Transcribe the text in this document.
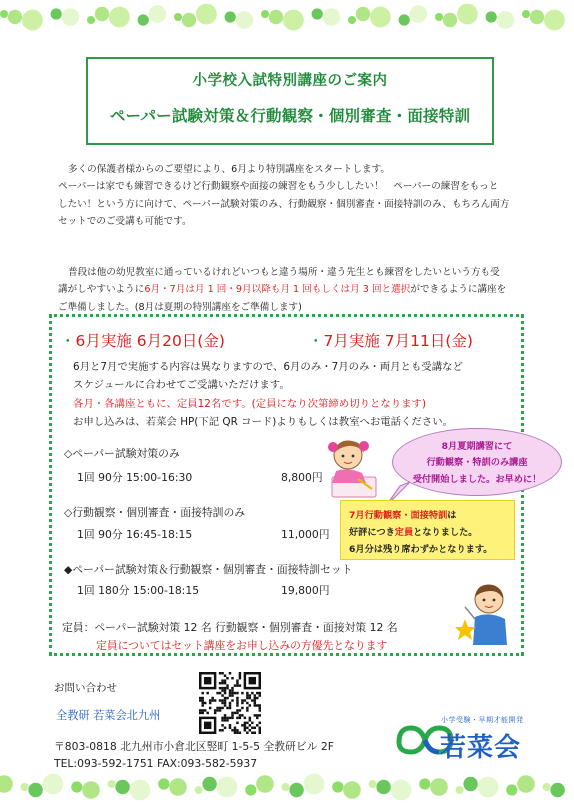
小学校入試特別講座のご案内
ペーパー試験対策＆行動観察・個別審査・面接特訓
多くの保護者様からのご要望により、6月より特別講座をスタートします。
ペーパーは家でも練習できるけど行動観察や面接の練習をもう少ししたい！　ペーパーの練習をもっと
したい！という方に向けて、ペーパー試験対策のみ、行動観察・個別審査・面接特訓のみ、もちろん両方
セットでのご受講も可能です。
普段は他の幼児教室に通っているけれどいつもと違う場所・違う先生とも練習をしたいという方も受
講がしやすいように6月・7月は月 1 回・9月以降も月 1 回もしくは月 3 回と選択ができるように講座を
ご準備しました。(8月は夏期の特別講座をご準備します)
・6月実施 6月20日(金)	・7月実施 7月11日(金)
6月と7月で実施する内容は異なりますので、6月のみ・7月のみ・両月とも受講など
スケジュールに合わせてご受講いただけます。
各月・各講座ともに、定員12名です。(定員になり次第締め切りとなります)
お申し込みは、若菜会 HP(下記 QR コード)よりもしくは教室へお電話ください。
◇ペーパー試験対策のみ
1回 90分 15:00-16:30	8,800円
◇行動観察・個別審査・面接特訓のみ
1回 90分 16:45-18:15	11,000円
◆ペーパー試験対策＆行動観察・個別審査・面接特訓セット
1回 180分 15:00-18:15	19,800円
定員：ペーパー試験対策 12 名 行動観察・個別審査・面接対策 12 名
定員についてはセット講座をお申し込みの方優先となります
8月夏期講習にて
行動観察・特訓のみ講座
受付開始しました。お早めに！
7月行動観察・面接特訓は
好評につき定員となりました。
6月分は残り席わずかとなります。
お問い合わせ
全教研 若菜会北九州
〒803-0818 北九州市小倉北区竪町 1-5-5 全教研ビル 2F
TEL:093-592-1751 FAX:093-582-5937
小学受験・早期才能開発
若菜会
